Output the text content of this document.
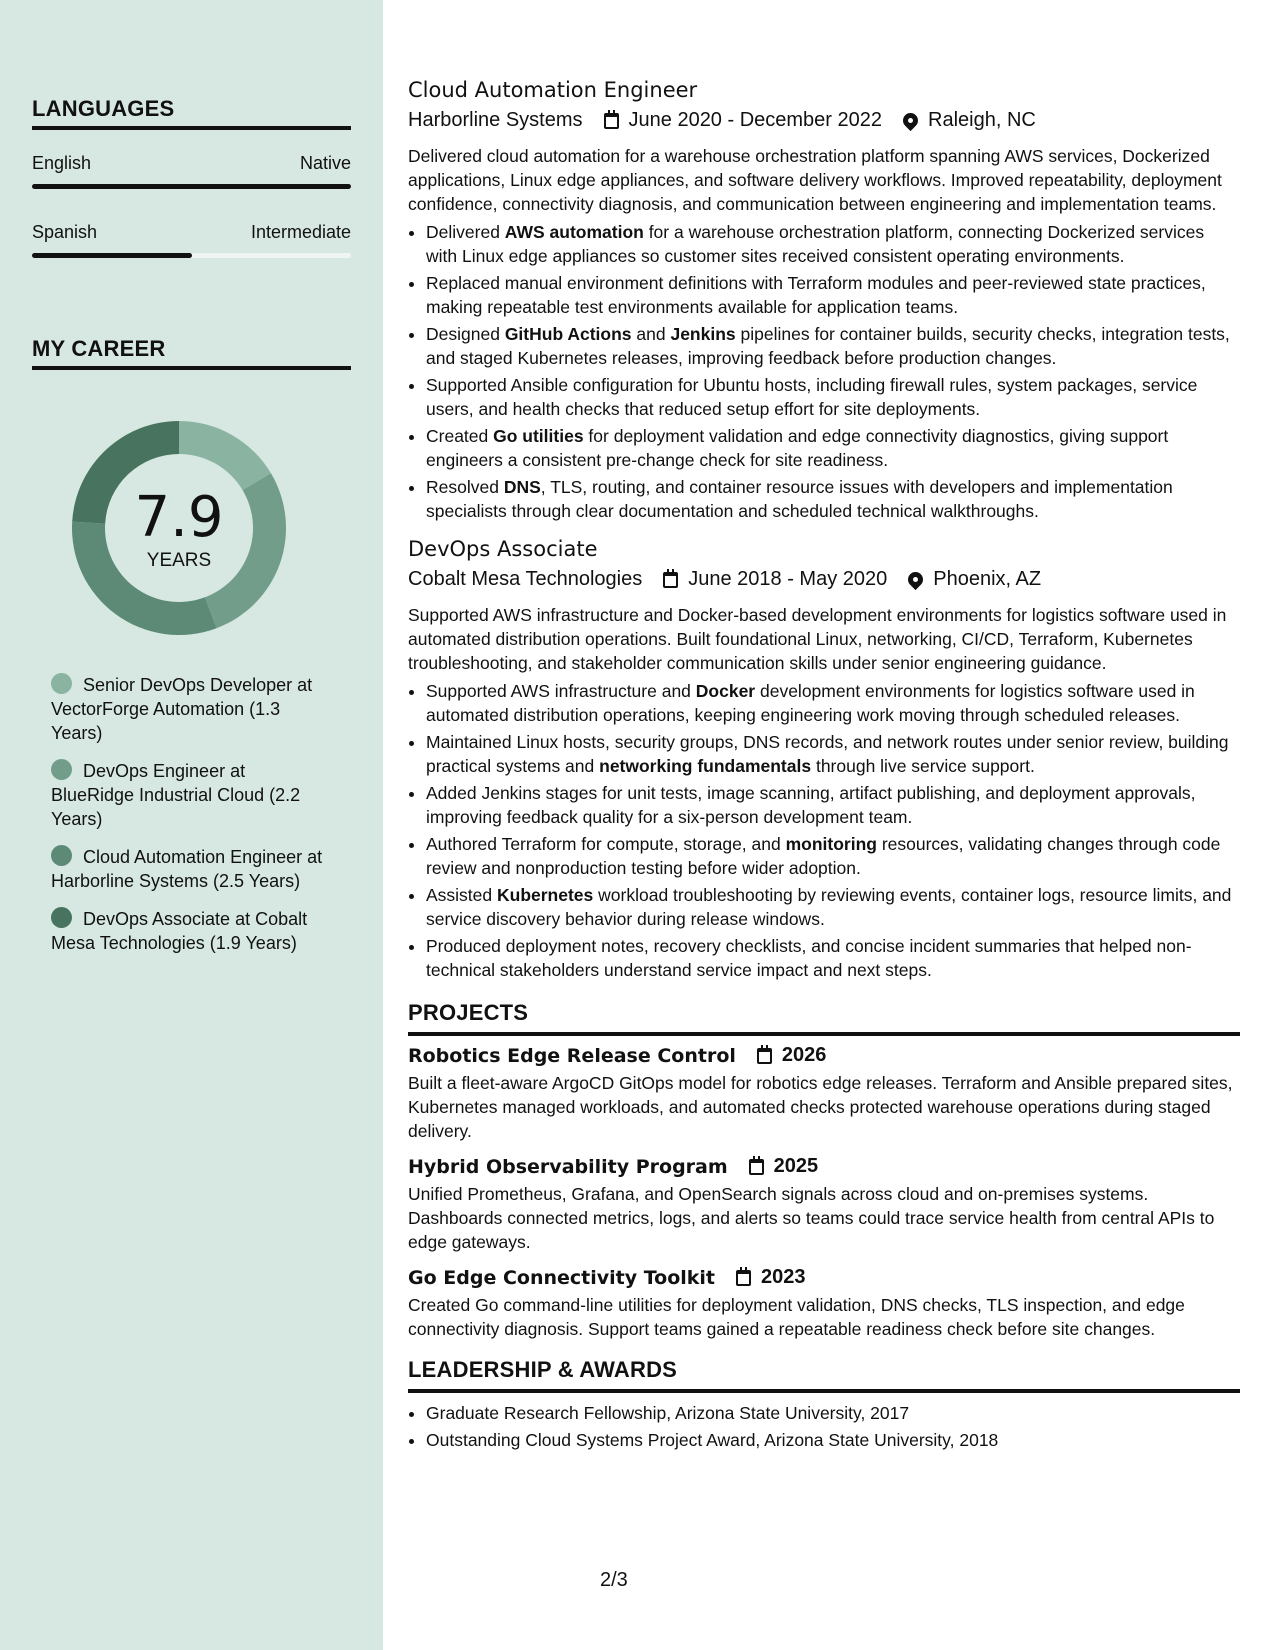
LANGUAGES
English	Native
Spanish	Intermediate
MY CAREER
7.9
YEARS
Senior DevOps Developer at VectorForge Automation (1.3 Years)
DevOps Engineer at BlueRidge Industrial Cloud (2.2 Years)
Cloud Automation Engineer at Harborline Systems (2.5 Years)
DevOps Associate at Cobalt Mesa Technologies (1.9 Years)
Cloud Automation Engineer
Harborline Systems June 2020 - December 2022 Raleigh, NC
Delivered cloud automation for a warehouse orchestration platform spanning AWS services, Dockerized applications, Linux edge appliances, and software delivery workflows. Improved repeatability, deployment confidence, connectivity diagnosis, and communication between engineering and implementation teams.
• Delivered AWS automation for a warehouse orchestration platform, connecting Dockerized services with Linux edge appliances so customer sites received consistent operating environments.
• Replaced manual environment definitions with Terraform modules and peer-reviewed state practices, making repeatable test environments available for application teams.
• Designed GitHub Actions and Jenkins pipelines for container builds, security checks, integration tests, and staged Kubernetes releases, improving feedback before production changes.
• Supported Ansible configuration for Ubuntu hosts, including firewall rules, system packages, service users, and health checks that reduced setup effort for site deployments.
• Created Go utilities for deployment validation and edge connectivity diagnostics, giving support engineers a consistent pre-change check for site readiness.
• Resolved DNS, TLS, routing, and container resource issues with developers and implementation specialists through clear documentation and scheduled technical walkthroughs.
DevOps Associate
Cobalt Mesa Technologies June 2018 - May 2020 Phoenix, AZ
Supported AWS infrastructure and Docker-based development environments for logistics software used in automated distribution operations. Built foundational Linux, networking, CI/CD, Terraform, Kubernetes troubleshooting, and stakeholder communication skills under senior engineering guidance.
• Supported AWS infrastructure and Docker development environments for logistics software used in automated distribution operations, keeping engineering work moving through scheduled releases.
• Maintained Linux hosts, security groups, DNS records, and network routes under senior review, building practical systems and networking fundamentals through live service support.
• Added Jenkins stages for unit tests, image scanning, artifact publishing, and deployment approvals, improving feedback quality for a six-person development team.
• Authored Terraform for compute, storage, and monitoring resources, validating changes through code review and nonproduction testing before wider adoption.
• Assisted Kubernetes workload troubleshooting by reviewing events, container logs, resource limits, and service discovery behavior during release windows.
• Produced deployment notes, recovery checklists, and concise incident summaries that helped non-technical stakeholders understand service impact and next steps.
PROJECTS
Robotics Edge Release Control 2026
Built a fleet-aware ArgoCD GitOps model for robotics edge releases. Terraform and Ansible prepared sites, Kubernetes managed workloads, and automated checks protected warehouse operations during staged delivery.
Hybrid Observability Program 2025
Unified Prometheus, Grafana, and OpenSearch signals across cloud and on-premises systems. Dashboards connected metrics, logs, and alerts so teams could trace service health from central APIs to edge gateways.
Go Edge Connectivity Toolkit 2023
Created Go command-line utilities for deployment validation, DNS checks, TLS inspection, and edge connectivity diagnosis. Support teams gained a repeatable readiness check before site changes.
LEADERSHIP & AWARDS
• Graduate Research Fellowship, Arizona State University, 2017
• Outstanding Cloud Systems Project Award, Arizona State University, 2018
2/3
